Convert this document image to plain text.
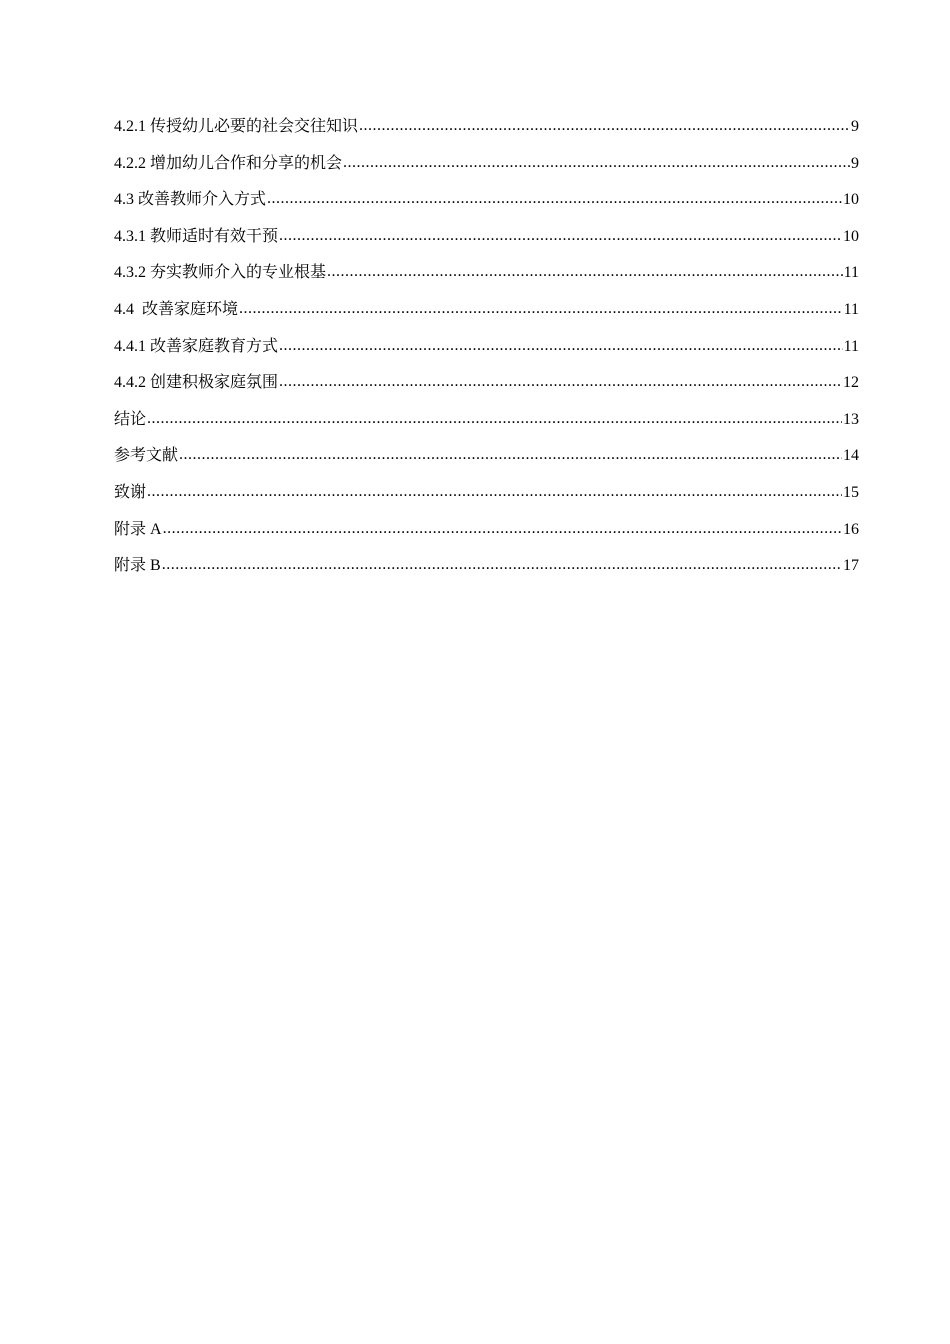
4.2.1 传授幼儿必要的社会交往知识 .....	9
4.2.2 增加幼儿合作和分享的机会 .....	9
4.3 改善教师介入方式 .....	10
4.3.1 教师适时有效干预 .....	10
4.3.2 夯实教师介入的专业根基 .....	11
4.4  改善家庭环境 .....	11
4.4.1 改善家庭教育方式 .....	11
4.4.2 创建积极家庭氛围 .....	12
结论 .....	13
参考文献 .....	14
致谢 .....	15
附录 A .....	16
附录 B .....	17
